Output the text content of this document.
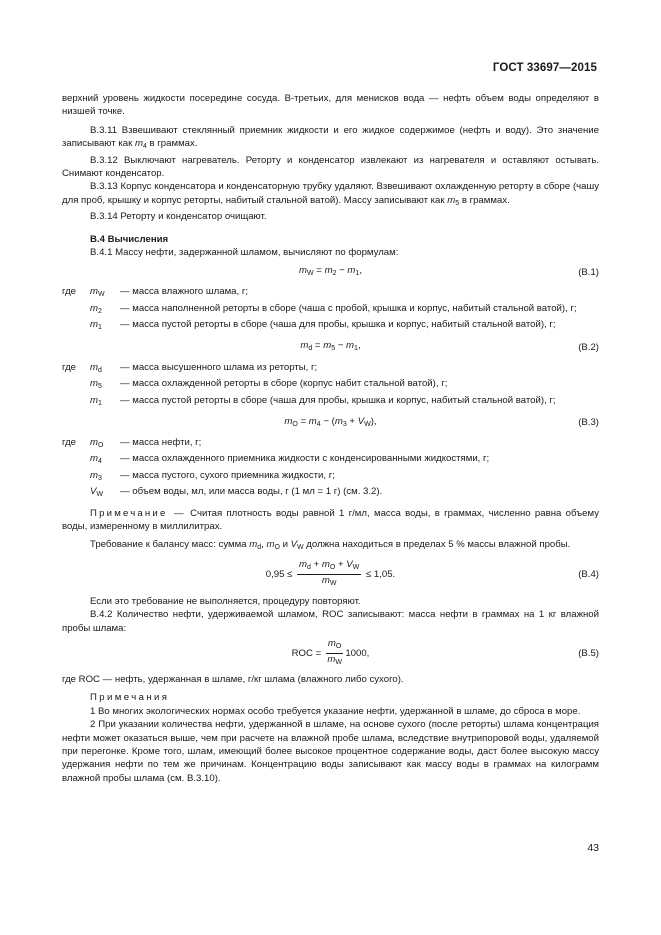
ГОСТ 33697—2015

верхний уровень жидкости посередине сосуда. В-третьих, для менисков вода — нефть объем воды определяют в низшей точке.

В.3.11 Взвешивают стеклянный приемник жидкости и его жидкое содержимое (нефть и воду). Это значение записывают как $m_4$ в граммах.

В.3.12 Выключают нагреватель. Реторту и конденсатор извлекают из нагревателя и оставляют остывать. Снимают конденсатор.

В.3.13 Корпус конденсатора и конденсаторную трубку удаляют. Взвешивают охлажденную реторту в сборе (чашу для проб, крышку и корпус реторты, набитый стальной ватой). Массу записывают как $m_5$ в граммах.

В.3.14 Реторту и конденсатор очищают.

В.4 Вычисления

В.4.1 Массу нефти, задержанной шламом, вычисляют по формулам:

$m_W = m_2 - m_1$,	(В.1)
где	$m_W$	— масса влажного шлама, г;
$m_2$	— масса наполненной реторты в сборе (чаша с пробой, крышка и корпус, набитый стальной ватой), г;
$m_1$	— масса пустой реторты в сборе (чаша для пробы, крышка и корпус, набитый стальной ватой), г;
$m_d = m_5 - m_1$,	(В.2)
где	$m_d$	— масса высушенного шлама из реторты, г;
$m_5$	— масса охлажденной реторты в сборе (корпус набит стальной ватой), г;
$m_1$	— масса пустой реторты в сборе (чаша для пробы, крышка и корпус, набитый стальной ватой), г;
$m_O = m_4 - (m_3 + V_W)$,	(В.3)
где	$m_O$	— масса нефти, г;
$m_4$	— масса охлажденного приемника жидкости с конденсированными жидкостями, г;
$m_3$	— масса пустого, сухого приемника жидкости, г;
$V_W$	— объем воды, мл, или масса воды, г (1 мл = 1 г) (см. 3.2).

Примечание — Считая плотность воды равной 1 г/мл, масса воды, в граммах, численно равна объему воды, измеренному в миллилитрах.

Требование к балансу масс: сумма $m_d$, $m_O$ и $V_W$ должна находиться в пределах 5 % массы влажной пробы.

$0,95 \le \frac{m_d + m_O + V_W}{m_W} \le 1,05$.	(В.4)

Если это требование не выполняется, процедуру повторяют.

В.4.2 Количество нефти, удерживаемой шламом, ROC записывают: масса нефти в граммах на 1 кг влажной пробы шлама:

ROC = $\frac{m_O}{m_W} 1000$,	(В.5)

где ROC — нефть, удержанная в шламе, г/кг шлама (влажного либо сухого).

Примечания

1 Во многих экологических нормах особо требуется указание нефти, удержанной в шламе, до сброса в море.

2 При указании количества нефти, удержанной в шламе, на основе сухого (после реторты) шлама концентрация нефти может оказаться выше, чем при расчете на влажной пробе шлама, вследствие внутрипоровой воды, удаляемой при перегонке. Кроме того, шлам, имеющий более высокое процентное содержание воды, даст более высокую массу удержания нефти по тем же причинам. Концентрацию воды записывают как массу воды в граммах на килограмм влажной пробы шлама (см. В.3.10).

43
